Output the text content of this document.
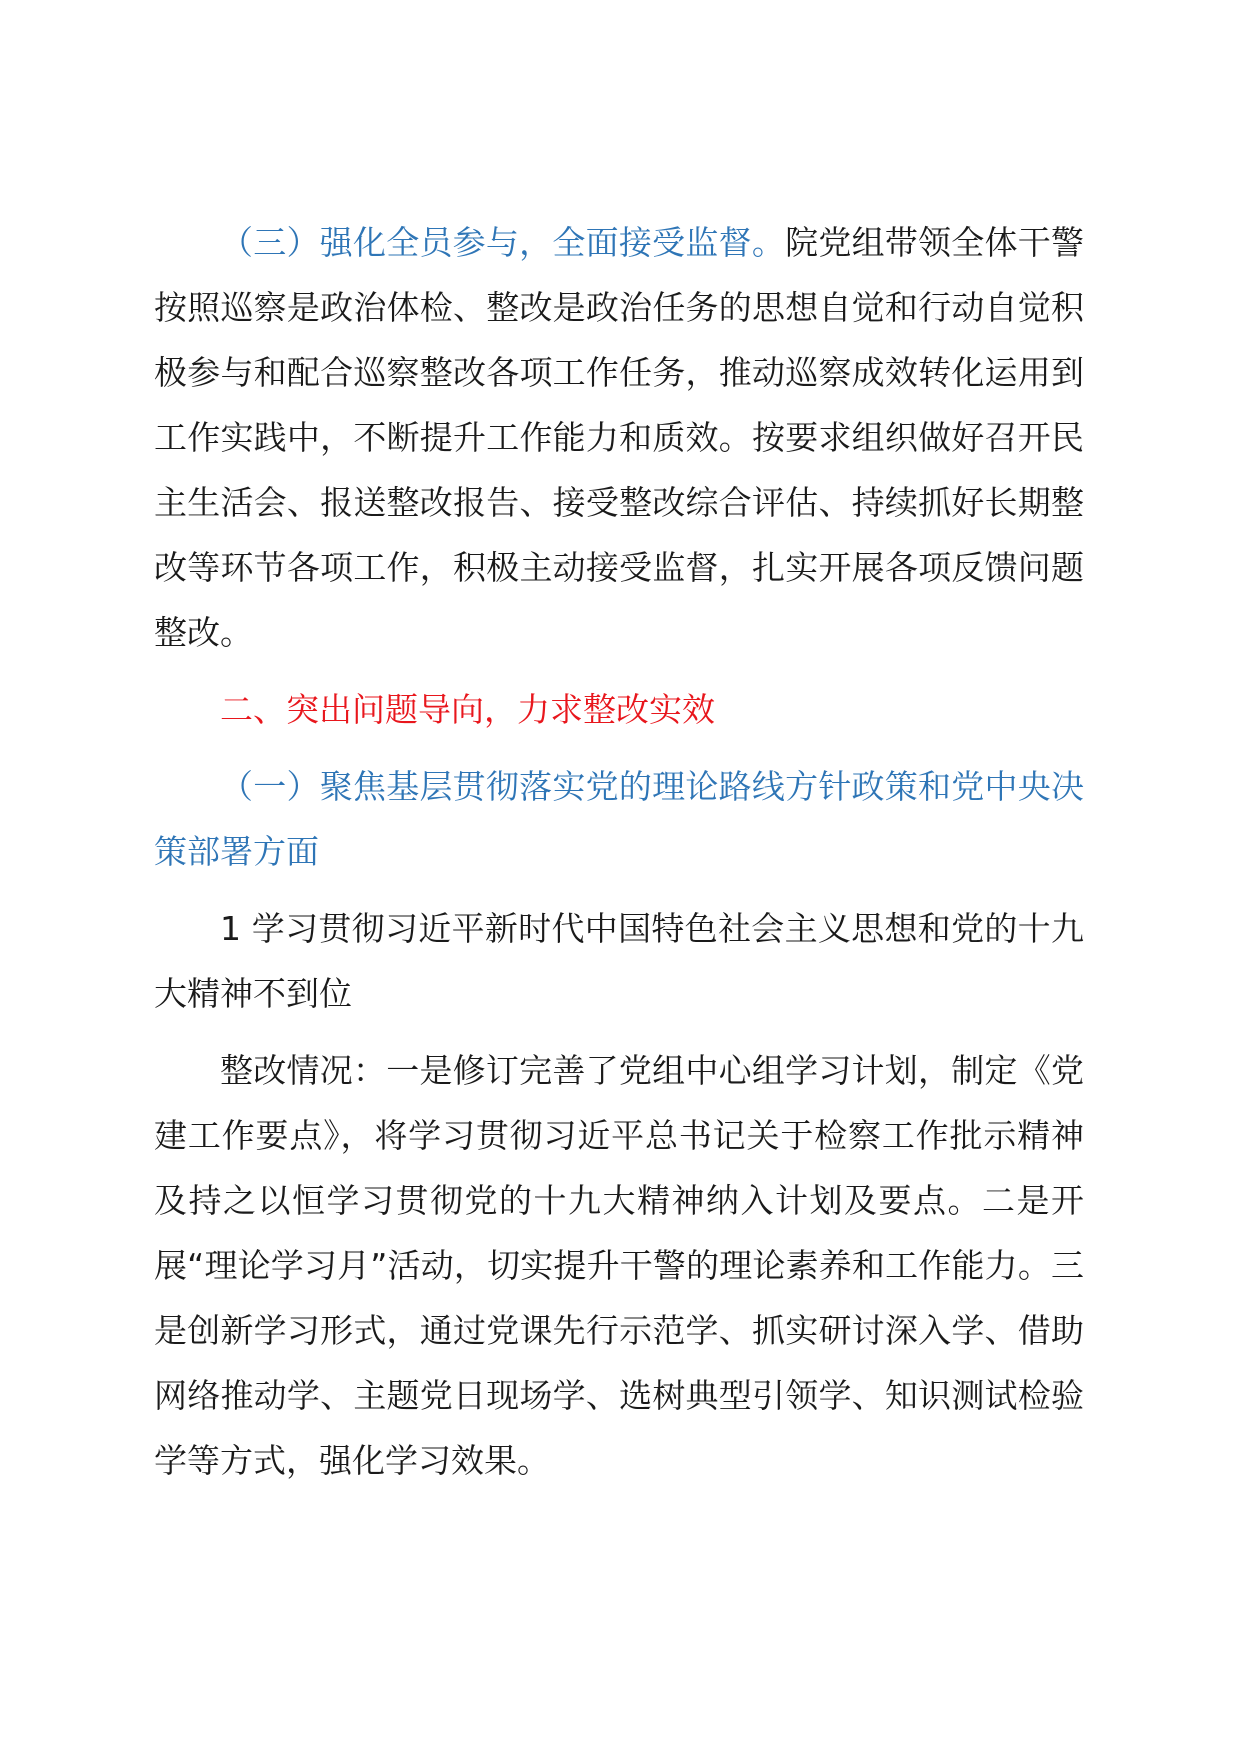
（三）强化全员参与，全面接受监督。院党组带领全体干警按照巡察是政治体检、整改是政治任务的思想自觉和行动自觉积极参与和配合巡察整改各项工作任务，推动巡察成效转化运用到工作实践中，不断提升工作能力和质效。按要求组织做好召开民主生活会、报送整改报告、接受整改综合评估、持续抓好长期整改等环节各项工作，积极主动接受监督，扎实开展各项反馈问题整改。

二、突出问题导向，力求整改实效

（一）聚焦基层贯彻落实党的理论路线方针政策和党中央决策部署方面

1 学习贯彻习近平新时代中国特色社会主义思想和党的十九大精神不到位

整改情况：一是修订完善了党组中心组学习计划，制定《党建工作要点》，将学习贯彻习近平总书记关于检察工作批示精神及持之以恒学习贯彻党的十九大精神纳入计划及要点。二是开展“理论学习月”活动，切实提升干警的理论素养和工作能力。三是创新学习形式，通过党课先行示范学、抓实研讨深入学、借助网络推动学、主题党日现场学、选树典型引领学、知识测试检验学等方式，强化学习效果。
